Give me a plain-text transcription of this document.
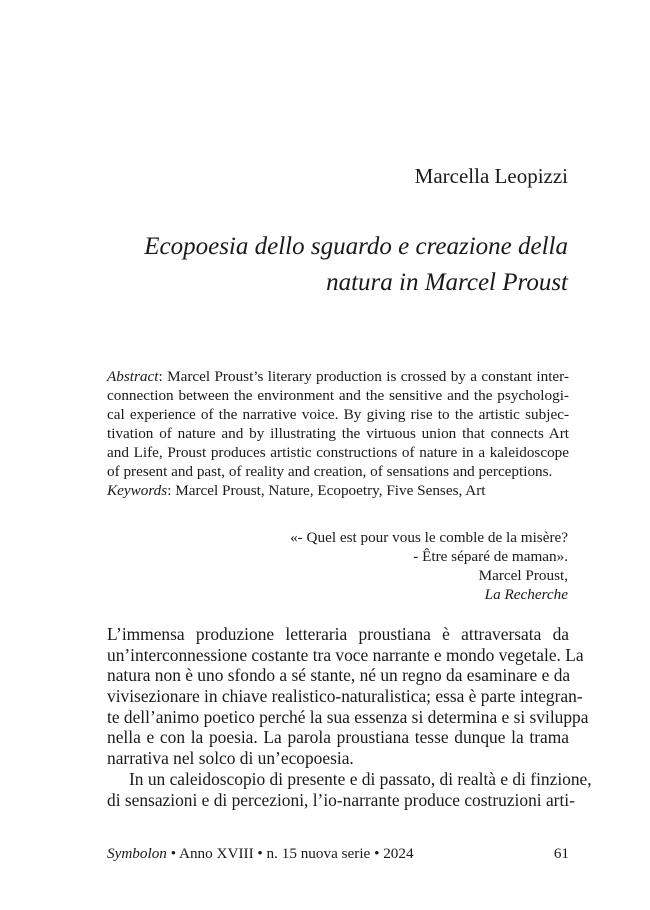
Marcella Leopizzi
Ecopoesia dello sguardo e creazione della
natura in Marcel Proust
Abstract: Marcel Proust’s literary production is crossed by a constant inter-
connection between the environment and the sensitive and the psychologi-
cal experience of the narrative voice. By giving rise to the artistic subjec-
tivation of nature and by illustrating the virtuous union that connects Art
and Life, Proust produces artistic constructions of nature in a kaleidoscope
of present and past, of reality and creation, of sensations and perceptions.
Keywords: Marcel Proust, Nature, Ecopoetry, Five Senses, Art
«- Quel est pour vous le comble de la misère?
- Être séparé de maman».
Marcel Proust,
La Recherche
L’immensa produzione letteraria proustiana è attraversata da
un’interconnessione costante tra voce narrante e mondo vegetale. La
natura non è uno sfondo a sé stante, né un regno da esaminare e da
vivisezionare in chiave realistico-naturalistica; essa è parte integran-
te dell’animo poetico perché la sua essenza si determina e si sviluppa
nella e con la poesia. La parola proustiana tesse dunque la trama
narrativa nel solco di un’ecopoesia.
In un caleidoscopio di presente e di passato, di realtà e di finzione,
di sensazioni e di percezioni, l’io-narrante produce costruzioni arti-
Symbolon • Anno XVIII • n. 15 nuova serie • 2024	61
